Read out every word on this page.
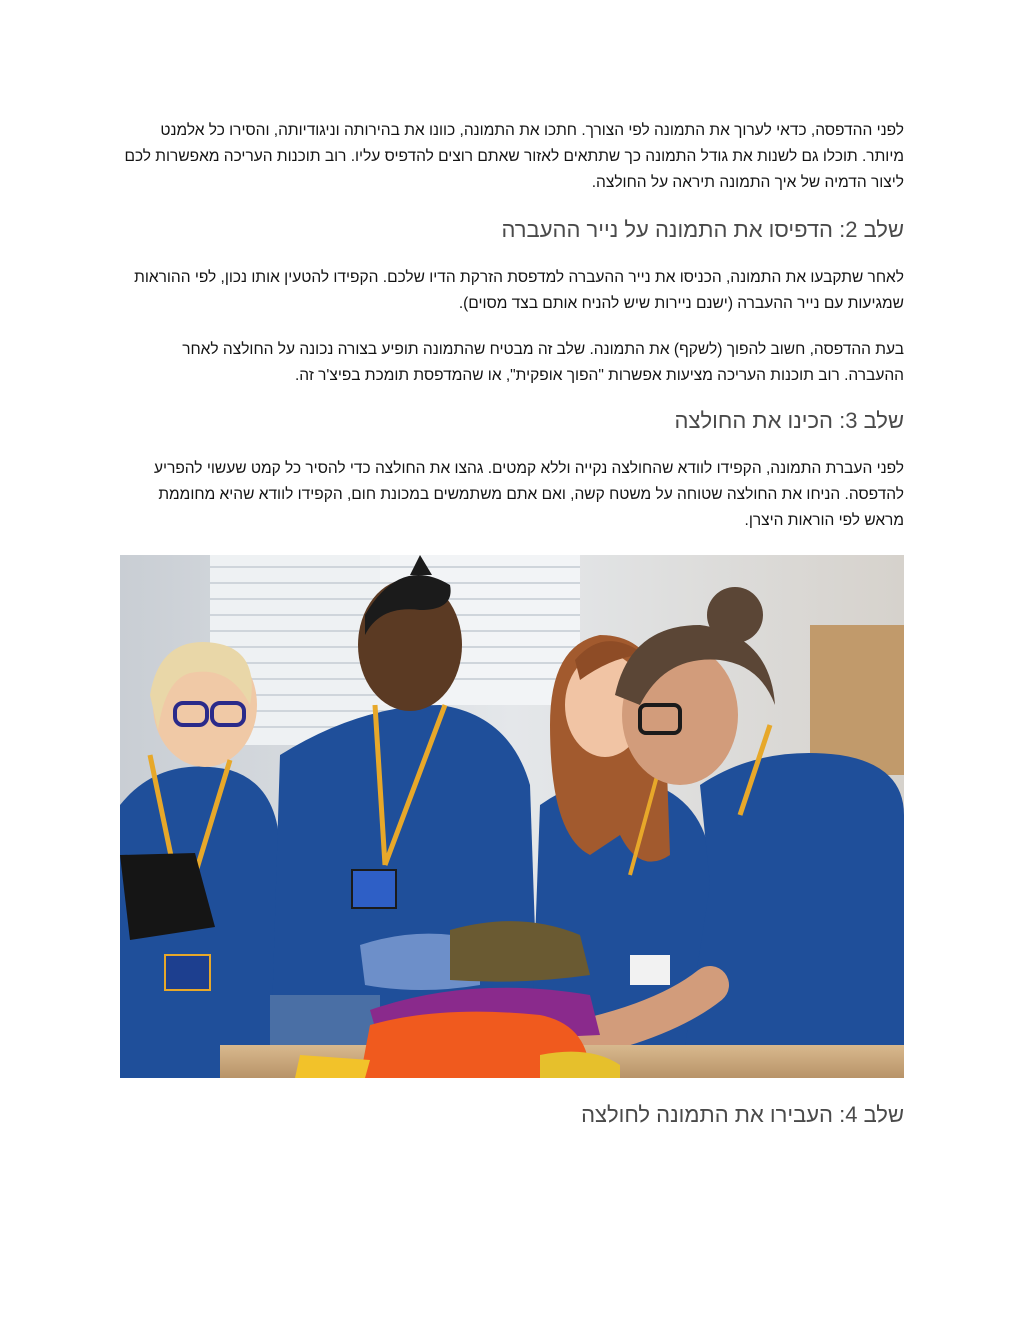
לפני ההדפסה, כדאי לערוך את התמונה לפי הצורך. חתכו את התמונה, כוונו את בהירותה וניגודיותה, והסירו כל אלמנט מיותר. תוכלו גם לשנות את גודל התמונה כך שתתאים לאזור שאתם רוצים להדפיס עליו. רוב תוכנות העריכה מאפשרות לכם ליצור הדמיה של איך התמונה תיראה על החולצה.

שלב 2: הדפיסו את התמונה על נייר ההעברה

לאחר שתקבעו את התמונה, הכניסו את נייר ההעברה למדפסת הזרקת הדיו שלכם. הקפידו להטעין אותו נכון, לפי ההוראות שמגיעות עם נייר ההעברה (ישנם ניירות שיש להניח אותם בצד מסוים).

בעת ההדפסה, חשוב להפוך (לשקף) את התמונה. שלב זה מבטיח שהתמונה תופיע בצורה נכונה על החולצה לאחר ההעברה. רוב תוכנות העריכה מציעות אפשרות "הפוך אופקית", או שהמדפסת תומכת בפיצ'ר זה.

שלב 3: הכינו את החולצה

לפני העברת התמונה, הקפידו לוודא שהחולצה נקייה וללא קמטים. גהצו את החולצה כדי להסיר כל קמט שעשוי להפריע להדפסה. הניחו את החולצה שטוחה על משטח קשה, ואם אתם משתמשים במכונת חום, הקפידו לוודא שהיא מחוממת מראש לפי הוראות היצרן.

שלב 4: העבירו את התמונה לחולצה
